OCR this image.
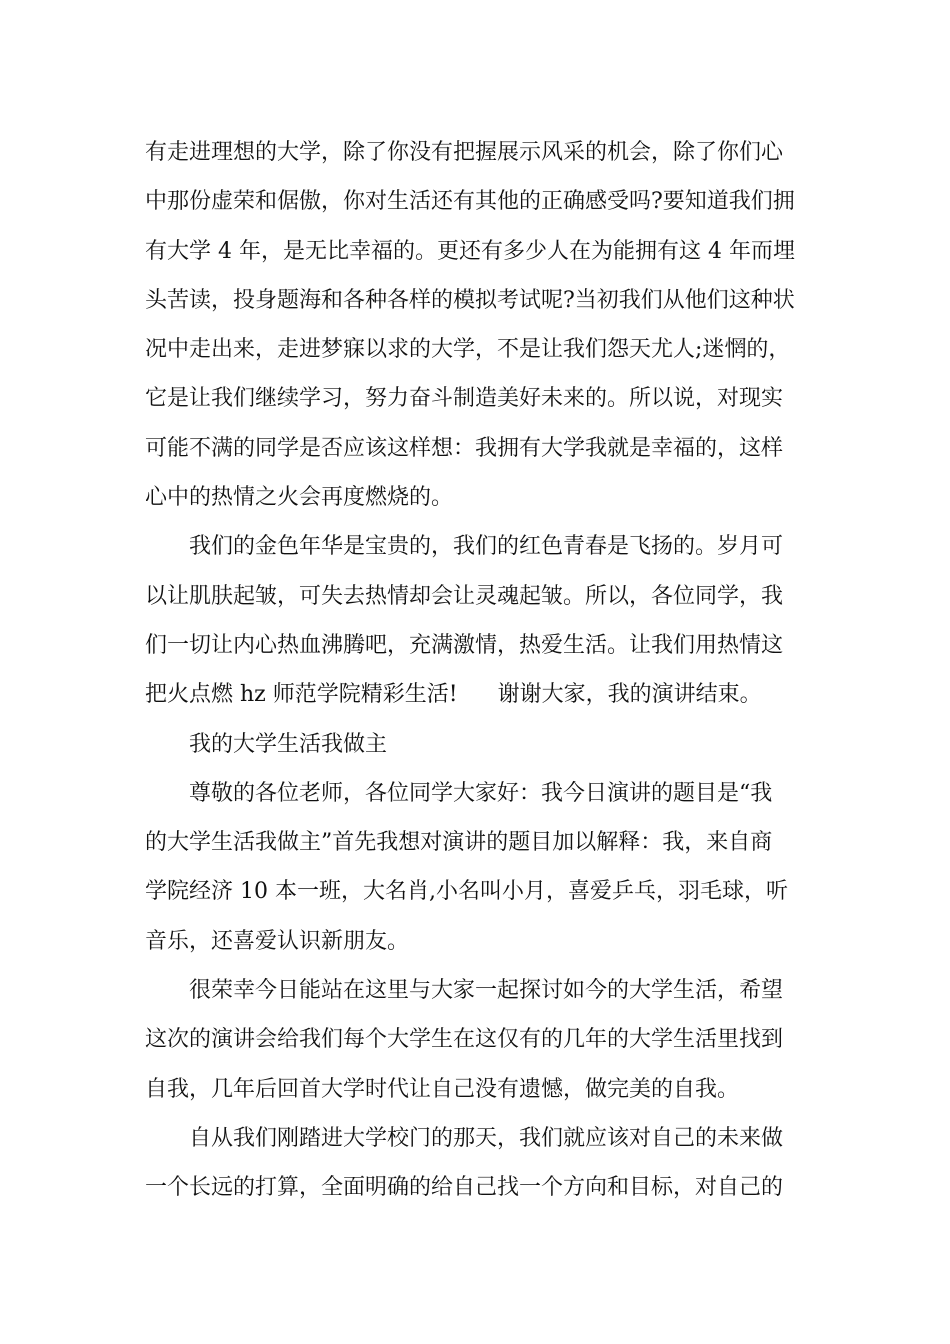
有走进理想的大学，除了你没有把握展示风采的机会，除了你们心
中那份虚荣和倨傲，你对生活还有其他的正确感受吗?要知道我们拥
有大学 4 年，是无比幸福的。更还有多少人在为能拥有这 4 年而埋
头苦读，投身题海和各种各样的模拟考试呢?当初我们从他们这种状
况中走出来，走进梦寐以求的大学，不是让我们怨天尤人;迷惘的，
它是让我们继续学习，努力奋斗制造美好未来的。所以说，对现实
可能不满的同学是否应该这样想：我拥有大学我就是幸福的，这样
心中的热情之火会再度燃烧的。
我们的金色年华是宝贵的，我们的红色青春是飞扬的。岁月可
以让肌肤起皱，可失去热情却会让灵魂起皱。所以，各位同学，我
们一切让内心热血沸腾吧，充满激情，热爱生活。让我们用热情这
把火点燃 hz 师范学院精彩生活! 谢谢大家，我的演讲结束。
我的大学生活我做主
尊敬的各位老师，各位同学大家好：我今日演讲的题目是“我
的大学生活我做主”首先我想对演讲的题目加以解释：我，来自商
学院经济 10 本一班，大名肖,小名叫小月，喜爱乒乓，羽毛球，听
音乐，还喜爱认识新朋友。
很荣幸今日能站在这里与大家一起探讨如今的大学生活，希望
这次的演讲会给我们每个大学生在这仅有的几年的大学生活里找到
自我，几年后回首大学时代让自己没有遗憾，做完美的自我。
自从我们刚踏进大学校门的那天，我们就应该对自己的未来做
一个长远的打算，全面明确的给自己找一个方向和目标，对自己的
